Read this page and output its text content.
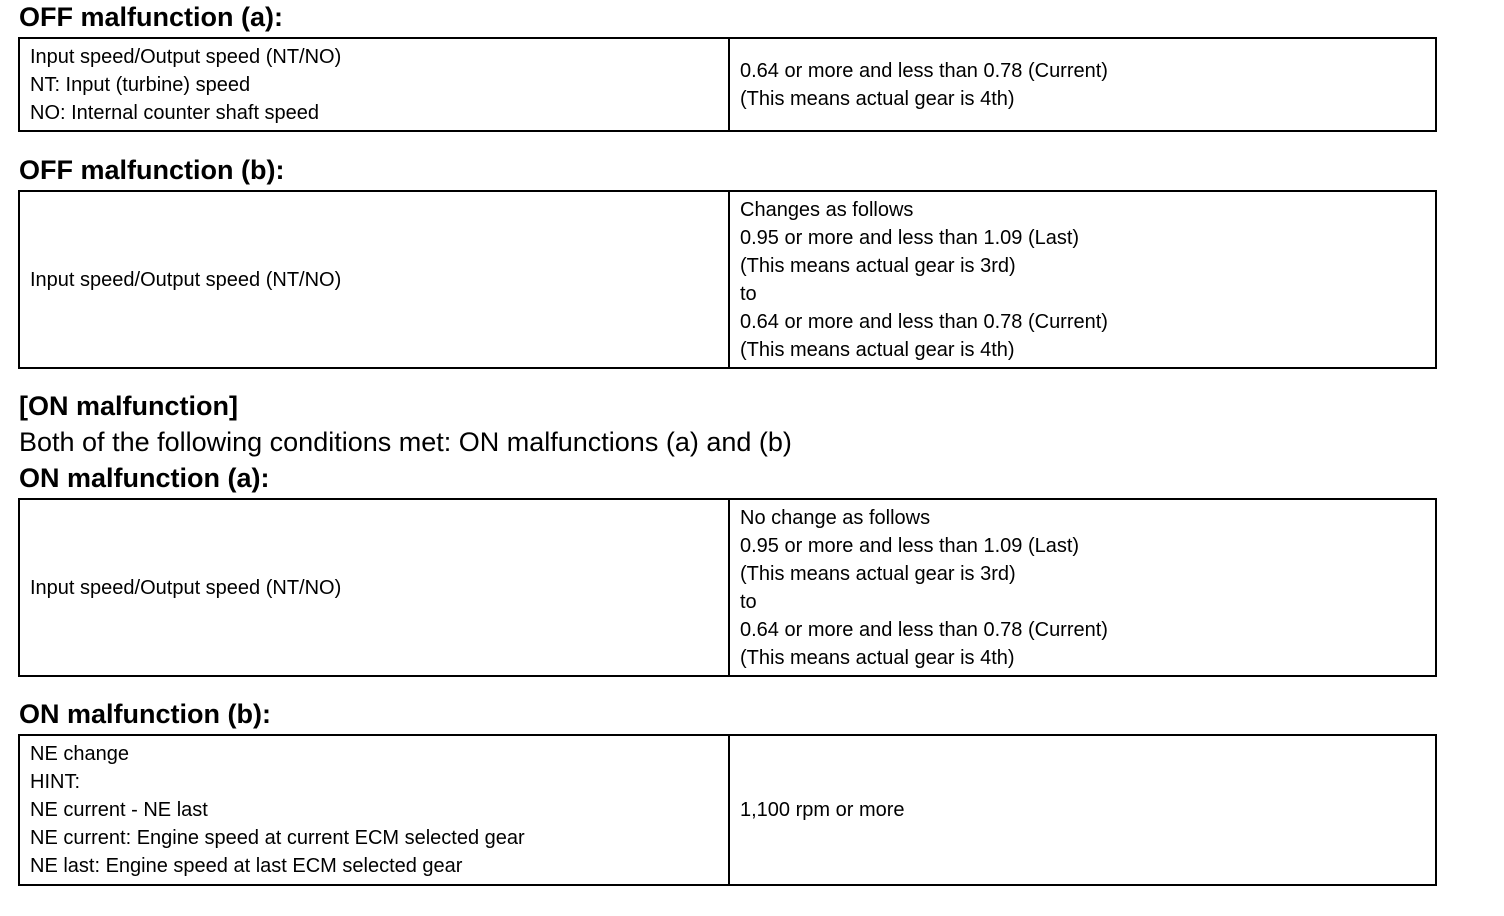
OFF malfunction (a):
Input speed/Output speed (NT/NO)
NT: Input (turbine) speed
NO: Internal counter shaft speed

0.64 or more and less than 0.78 (Current)
(This means actual gear is 4th)
OFF malfunction (b):
Input speed/Output speed (NT/NO)

Changes as follows
0.95 or more and less than 1.09 (Last)
(This means actual gear is 3rd)
to
0.64 or more and less than 0.78 (Current)
(This means actual gear is 4th)
[ON malfunction]
Both of the following conditions met: ON malfunctions (a) and (b)
ON malfunction (a):
Input speed/Output speed (NT/NO)

No change as follows
0.95 or more and less than 1.09 (Last)
(This means actual gear is 3rd)
to
0.64 or more and less than 0.78 (Current)
(This means actual gear is 4th)
ON malfunction (b):
NE change
HINT:
NE current - NE last
NE current: Engine speed at current ECM selected gear
NE last: Engine speed at last ECM selected gear

1,100 rpm or more
